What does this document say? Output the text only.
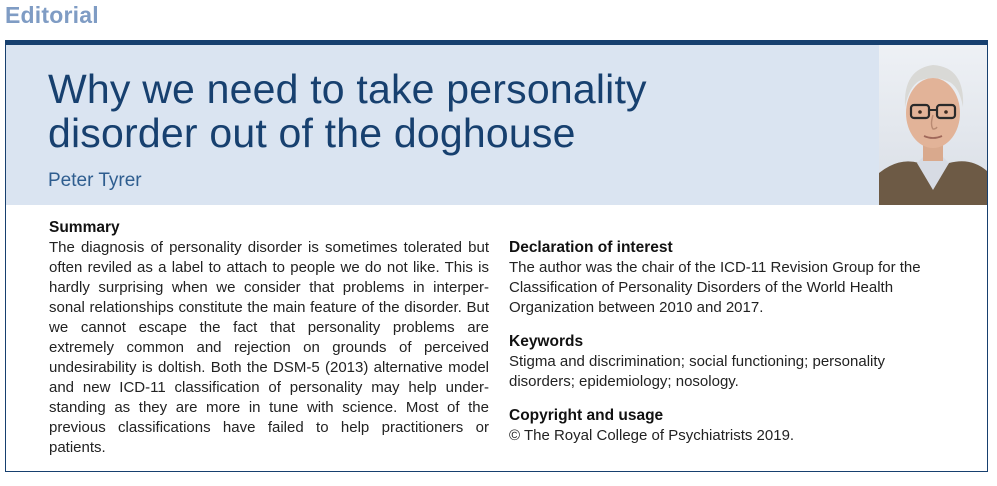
Editorial
Why we need to take personality
disorder out of the doghouse
Peter Tyrer
Summary

The diagnosis of personality disorder is sometimes tolerated but often reviled as a label to attach to people we do not like. This is hardly surprising when we consider that problems in interper-sonal relationships constitute the main feature of the disorder. But we cannot escape the fact that personality problems are extremely common and rejection on grounds of perceived undesirability is doltish. Both the DSM-5 (2013) alternative model and new ICD-11 classification of personality may help under-standing as they are more in tune with science. Most of the previous classifications have failed to help practitioners or patients.

Declaration of interest

The author was the chair of the ICD-11 Revision Group for the Classification of Personality Disorders of the World Health Organization between 2010 and 2017.

Keywords

Stigma and discrimination; social functioning; personality disorders; epidemiology; nosology.

Copyright and usage

© The Royal College of Psychiatrists 2019.
